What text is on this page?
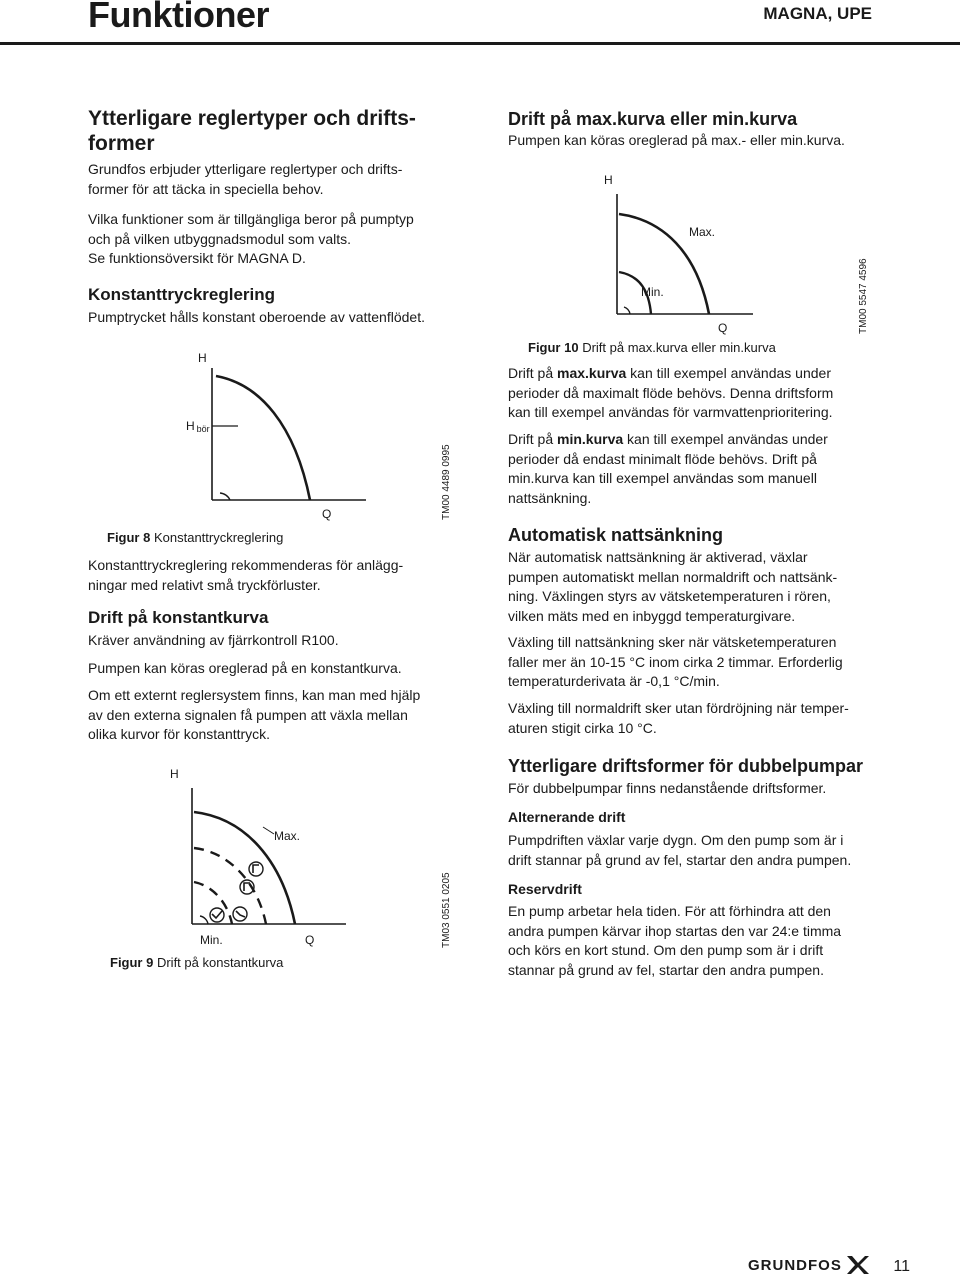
Funktioner	MAGNA, UPE
Ytterligare reglertyper och drifts-
former
Grundfos erbjuder ytterligare reglertyper och drifts-
former för att täcka in speciella behov.
Vilka funktioner som är tillgängliga beror på pumptyp
och på vilken utbyggnadsmodul som valts.
Se funktionsöversikt för MAGNA D.
Konstanttryckreglering
Pumptrycket hålls konstant oberoende av vattenflödet.
H
H bör
Q	TM00 4489 0995
Figur 8 Konstanttryckreglering
Konstanttryckreglering rekommenderas för anlägg-
ningar med relativt små tryckförluster.
Drift på konstantkurva
Kräver användning av fjärrkontroll R100.
Pumpen kan köras oreglerad på en konstantkurva.
Om ett externt reglersystem finns, kan man med hjälp
av den externa signalen få pumpen att växla mellan
olika kurvor för konstanttryck.
H
Max.
Min.	Q	TM03 0551 0205
Figur 9 Drift på konstantkurva
Drift på max.kurva eller min.kurva
Pumpen kan köras oreglerad på max.- eller min.kurva.
H
Max.
Min.
Q	TM00 5547 4596
Figur 10 Drift på max.kurva eller min.kurva
Drift på max.kurva kan till exempel användas under
perioder då maximalt flöde behövs. Denna driftsform
kan till exempel användas för varmvattenprioritering.
Drift på min.kurva kan till exempel användas under
perioder då endast minimalt flöde behövs. Drift på
min.kurva kan till exempel användas som manuell
nattsänkning.
Automatisk nattsänkning
När automatisk nattsänkning är aktiverad, växlar
pumpen automatiskt mellan normaldrift och nattsänk-
ning. Växlingen styrs av vätsketemperaturen i rören,
vilken mäts med en inbyggd temperaturgivare.
Växling till nattsänkning sker när vätsketemperaturen
faller mer än 10-15 °C inom cirka 2 timmar. Erforderlig
temperaturderivata är -0,1 °C/min.
Växling till normaldrift sker utan fördröjning när temper-
aturen stigit cirka 10 °C.
Ytterligare driftsformer för dubbelpumpar
För dubbelpumpar finns nedanstående driftsformer.
Alternerande drift
Pumpdriften växlar varje dygn. Om den pump som är i
drift stannar på grund av fel, startar den andra pumpen.
Reservdrift
En pump arbetar hela tiden. För att förhindra att den
andra pumpen kärvar ihop startas den var 24:e timma
och körs en kort stund. Om den pump som är i drift
stannar på grund av fel, startar den andra pumpen.
GRUNDFOS	11
